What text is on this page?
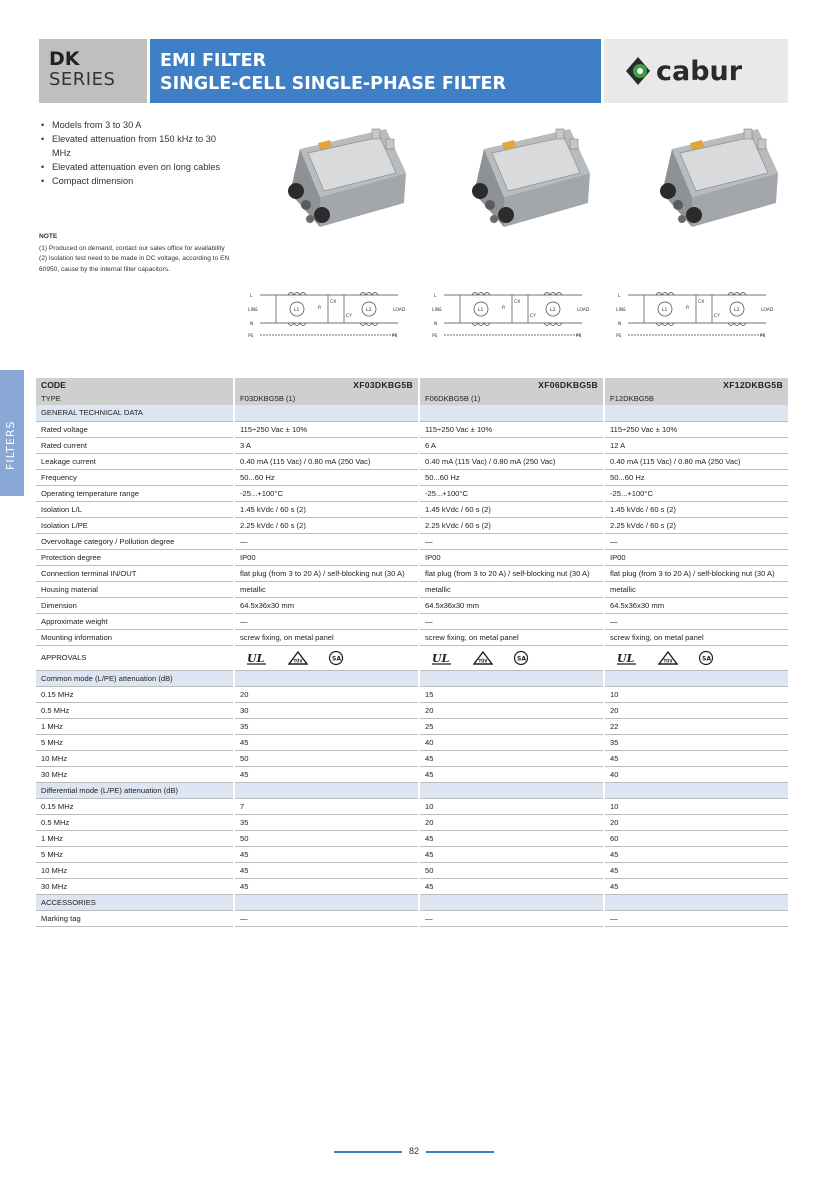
DK
SERIES
EMI FILTER
SINGLE-CELL SINGLE-PHASE FILTER	cabur
• Models from 3 to 30 A
• Elevated attenuation from 150 kHz to 30 MHz
• Elevated attenuation even on long cables
• Compact dimension

NOTE

(1) Produced on demand, contact our sales office for availability

(2) Isolation test need to be made in DC voltage, according to EN 60950, cause by the internal filter capacitors.

L
LINE
N
PE
LOAD
PE
L1	L2
CX
CY
R
L
LINE
N
PE
LOAD
PE
L1	L2
CX
CY
R
L
LINE
N
PE
LOAD
PE
L1	L2
CX
CY
R
FILTERS
CODE	XF03DKBG5B	XF06DKBG5B	XF12DKBG5B
TYPE	F03DKBG5B (1)	F06DKBG5B (1)	F12DKBG5B
GENERAL TECHNICAL DATA			
Rated voltage	115÷250 Vac ± 10%	115÷250 Vac ± 10%	115÷250 Vac ± 10%
Rated current	3 A	6 A	12 A
Leakage current	0.40 mA (115 Vac) / 0.80 mA (250 Vac)	0.40 mA (115 Vac) / 0.80 mA (250 Vac)	0.40 mA (115 Vac) / 0.80 mA (250 Vac)
Frequency	50...60 Hz	50...60 Hz	50...60 Hz
Operating temperature range	-25...+100°C	-25...+100°C	-25...+100°C
Isolation L/L	1.45 kVdc / 60 s (2)	1.45 kVdc / 60 s (2)	1.45 kVdc / 60 s (2)
Isolation L/PE	2.25 kVdc / 60 s (2)	2.25 kVdc / 60 s (2)	2.25 kVdc / 60 s (2)
Overvoltage category / Pollution degree	—	—	—
Protection degree	IP00	IP00	IP00
Connection terminal IN/OUT	flat plug (from 3 to 20 A) / self-blocking nut (30 A)	flat plug (from 3 to 20 A) / self-blocking nut (30 A)	flat plug (from 3 to 20 A) / self-blocking nut (30 A)
Housing material	metallic	metallic	metallic
Dimension	64.5x36x30 mm	64.5x36x30 mm	64.5x36x30 mm
Approximate weight	—	—	—
Mounting information	screw fixing, on metal panel	screw fixing, on metal panel	screw fixing, on metal panel
APPROVALS	UL TÜV SA	UL TÜV SA	UL TÜV SA

Common mode (L/PE) attenuation (dB)			
0.15 MHz	20	15	10
0.5 MHz	30	20	20
1 MHz	35	25	22
5 MHz	45	40	35
10 MHz	50	45	45
30 MHz	45	45	40
Differential mode (L/PE) attenuation (dB)			
0.15 MHz	7	10	10
0.5 MHz	35	20	20
1 MHz	50	45	60
5 MHz	45	45	45
10 MHz	45	50	45
30 MHz	45	45	45
ACCESSORIES			
Marking tag	—	—	—
82
